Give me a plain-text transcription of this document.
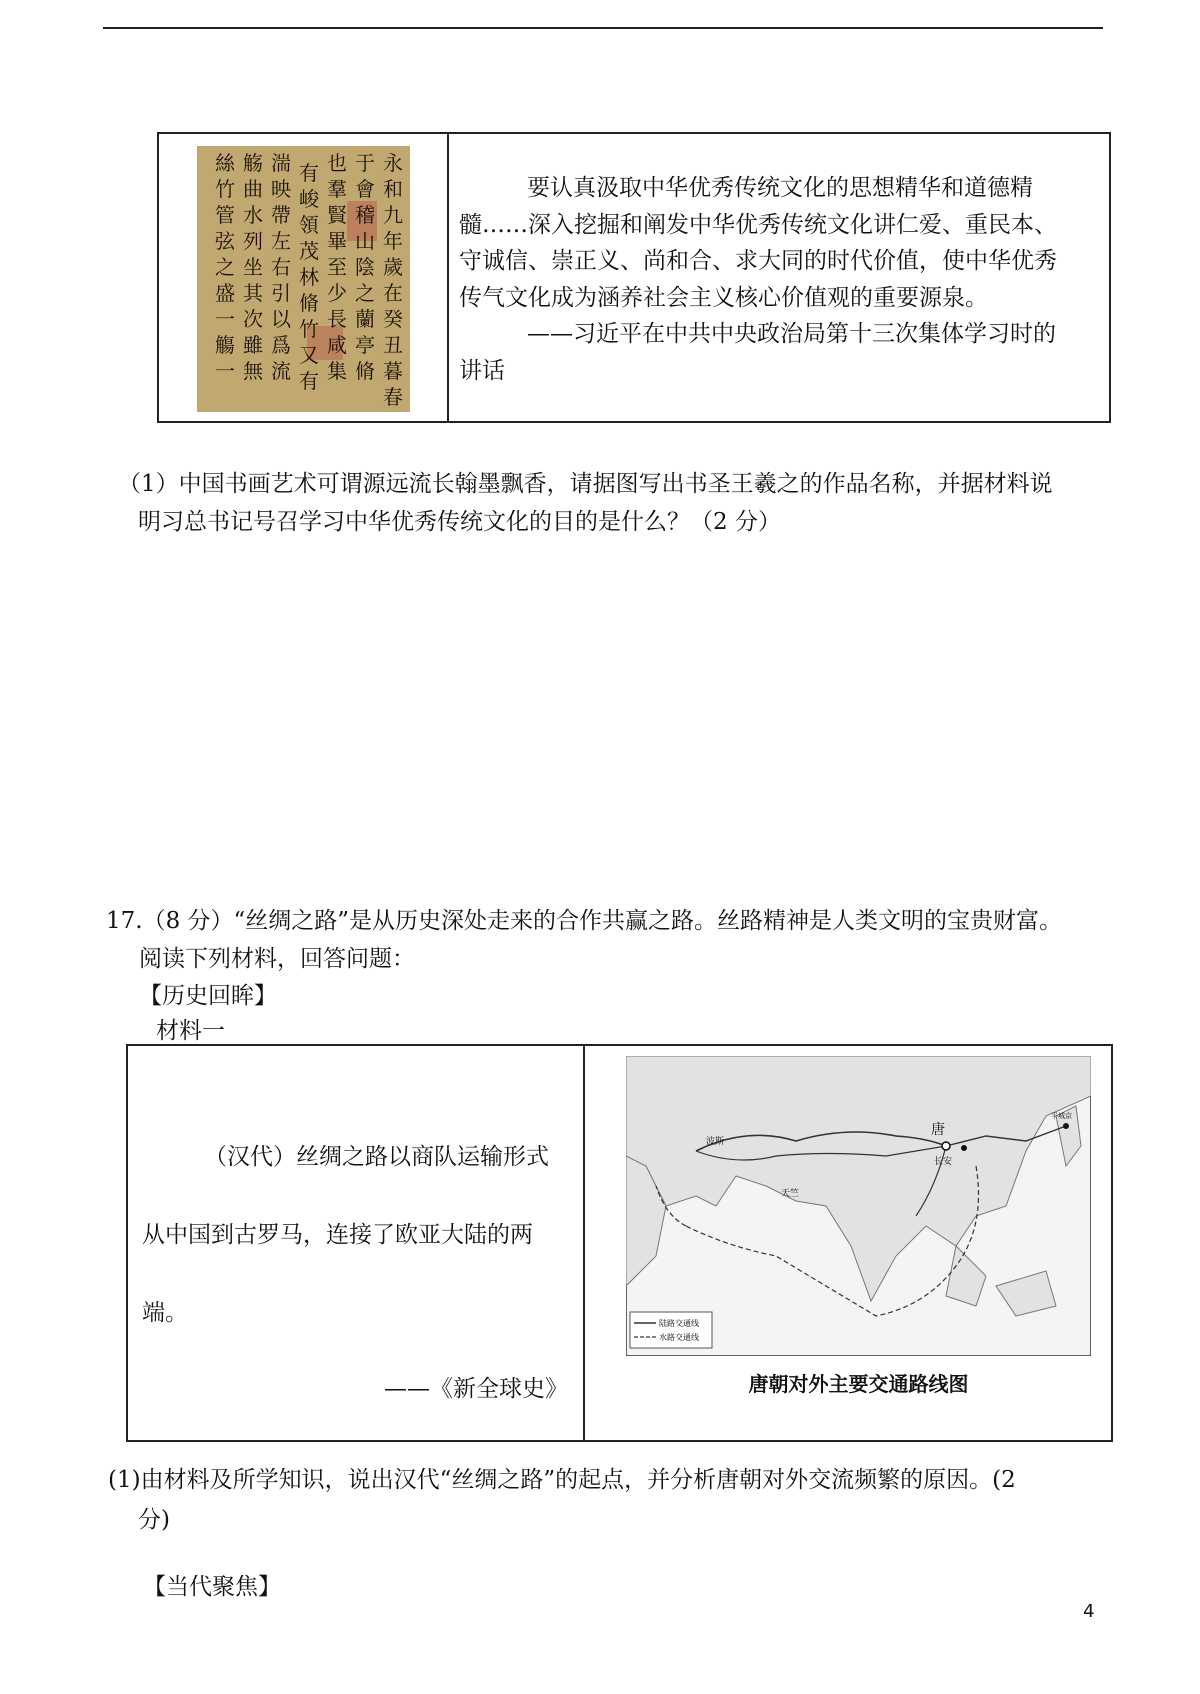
永
和
九
年
歲
在
癸
丑
暮
春
于
會
稽
山
陰
之
蘭
亭
脩
也
羣
賢
畢
至
少
長
咸
集
有
峻
領
茂
林
脩
竹
又
有
湍
映
帶
左
右
引
以
爲
流
觞
曲
水
列
坐
其
次
雖
無
絲
竹
管
弦
之
盛
一
觴
一

要认真汲取中华优秀传统文化的思想精华和道德精

髓……深入挖掘和阐发中华优秀传统文化讲仁爱、重民本、

守诚信、崇正义、尚和合、求大同的时代价值，使中华优秀

传气文化成为涵养社会主义核心价值观的重要源泉。

——习近平在中共中央政治局第十三次集体学习时的

讲话

（1）中国书画艺术可谓源远流长翰墨飘香，请据图写出书圣王羲之的作品名称，并据材料说
明习总书记号召学习中华优秀传统文化的目的是什么？（2 分）
17.（8 分）“丝绸之路”是从历史深处走来的合作共赢之路。丝路精神是人类文明的宝贵财富。
阅读下列材料，回答问题：
【历史回眸】
材料一
（汉代）丝绸之路以商队运输形式
从中国到古罗马，连接了欧亚大陆的两
端。
——《新全球史》
唐
长安
波斯
天竺
平城京
陆路交通线
水路交通线
唐朝对外主要交通路线图
(1)由材料及所学知识，说出汉代“丝绸之路”的起点，并分析唐朝对外交流频繁的原因。(2
分)
【当代聚焦】
4
